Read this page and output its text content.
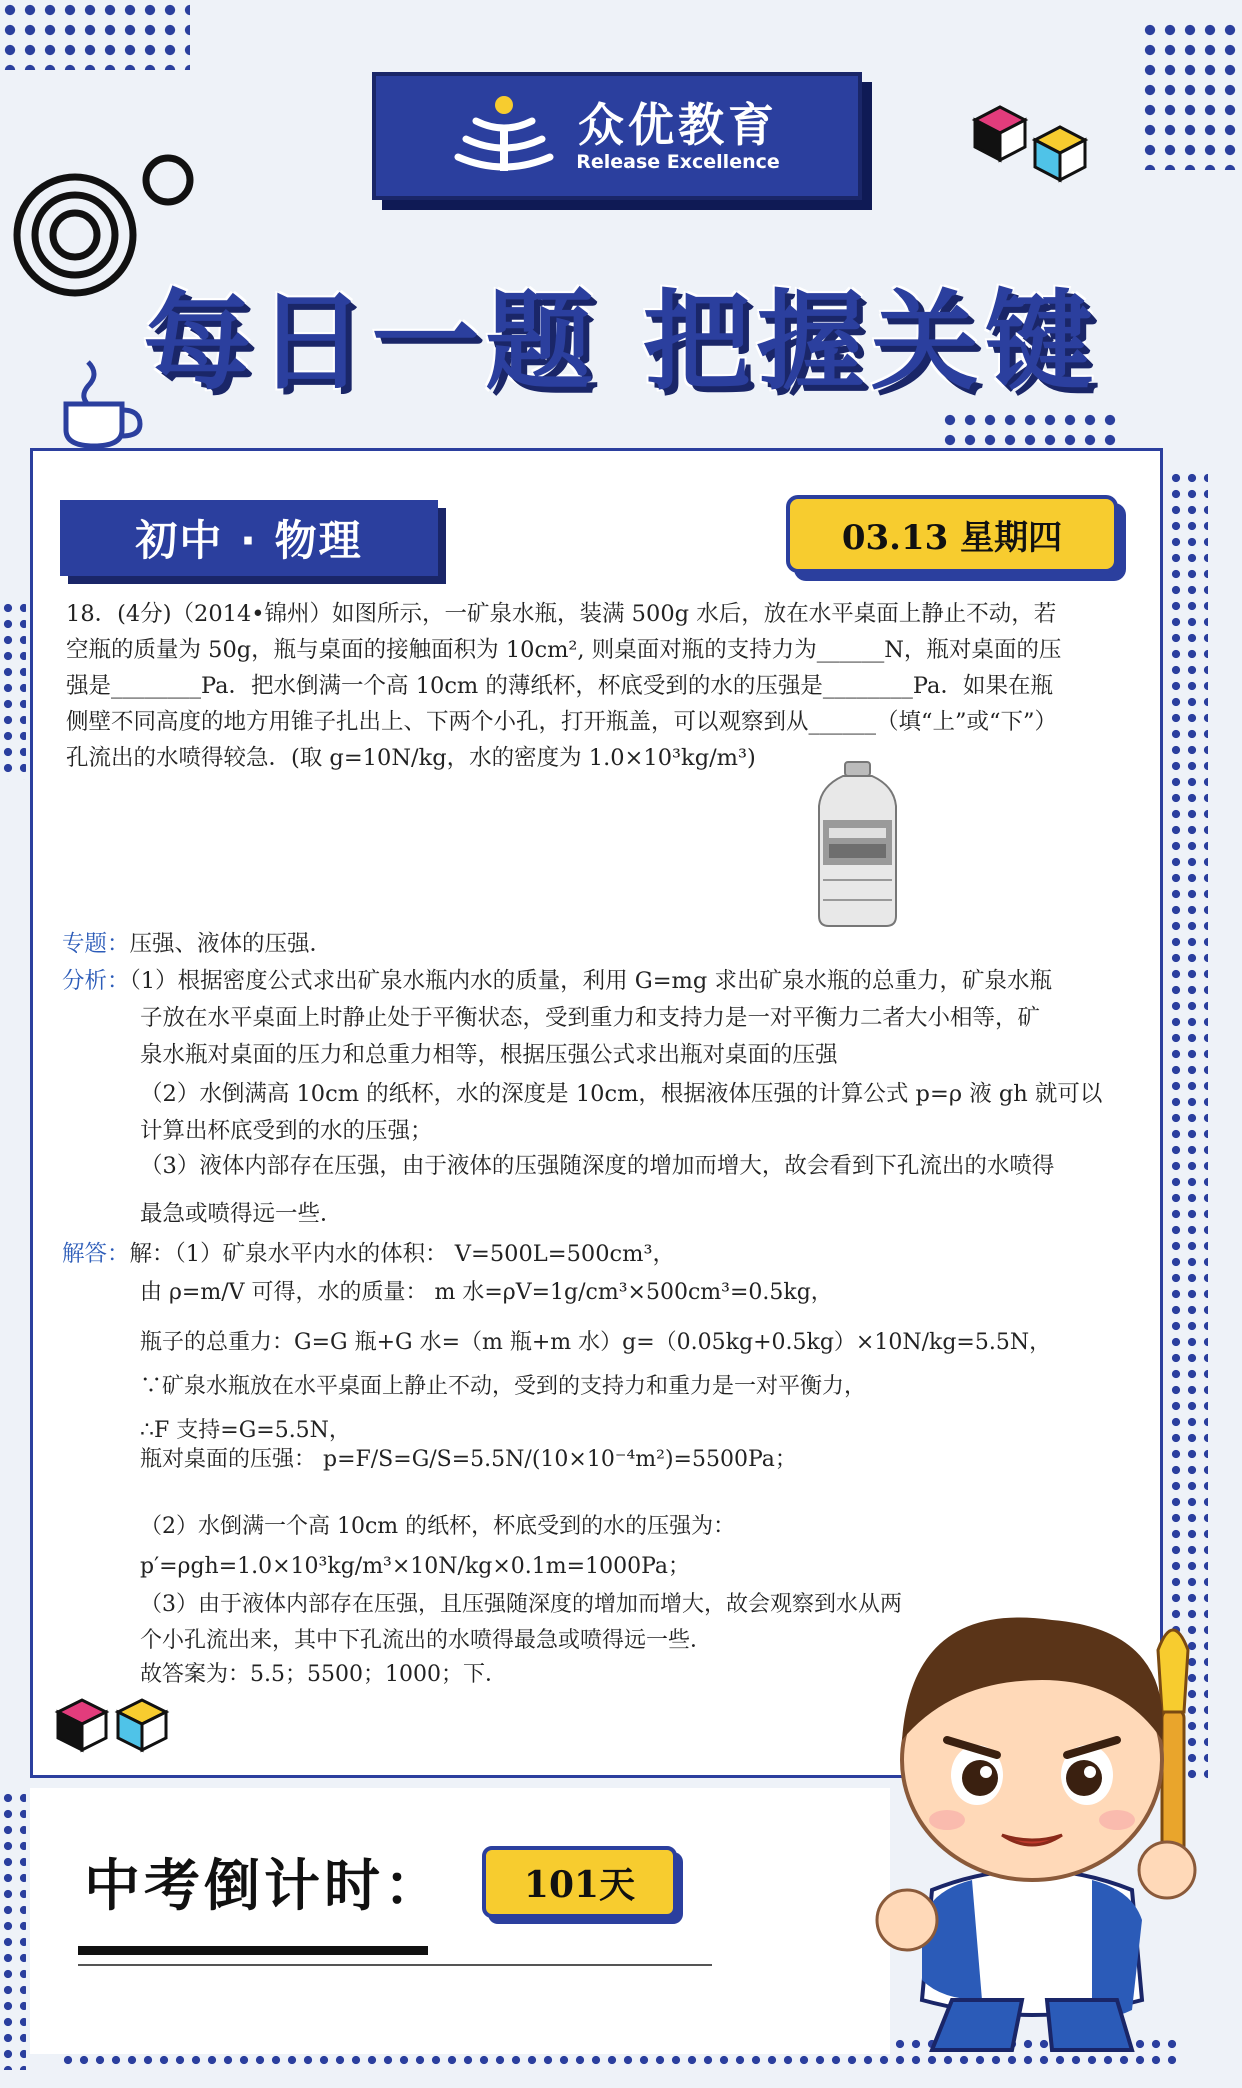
众优教育
Release Excellence
每日一题 把握关键
初中 · 物理	03.13 星期四
18．(4分)（2014•锦州）如图所示，一矿泉水瓶，装满 500g 水后，放在水平桌面上静止不动，若
空瓶的质量为 50g，瓶与桌面的接触面积为 10cm², 则桌面对瓶的支持力为______N，瓶对桌面的压
强是________Pa．把水倒满一个高 10cm 的薄纸杯，杯底受到的水的压强是________Pa．如果在瓶
侧壁不同高度的地方用锥子扎出上、下两个小孔，打开瓶盖，可以观察到从______（填“上”或“下”）
孔流出的水喷得较急．(取 g=10N/kg，水的密度为 1.0×10³kg/m³)
专题：压强、液体的压强．
分析：（1）根据密度公式求出矿泉水瓶内水的质量，利用 G=mg 求出矿泉水瓶的总重力，矿泉水瓶
子放在水平桌面上时静止处于平衡状态，受到重力和支持力是一对平衡力二者大小相等，矿
泉水瓶对桌面的压力和总重力相等，根据压强公式求出瓶对桌面的压强
（2）水倒满高 10cm 的纸杯，水的深度是 10cm，根据液体压强的计算公式 p=ρ 液 gh 就可以
计算出杯底受到的水的压强；
（3）液体内部存在压强，由于液体的压强随深度的增加而增大，故会看到下孔流出的水喷得
最急或喷得远一些．
解答：解：（1）矿泉水平内水的体积： V=500L=500cm³，
由 ρ=m/V 可得，水的质量： m 水=ρV=1g/cm³×500cm³=0.5kg，
瓶子的总重力：G=G 瓶+G 水=（m 瓶+m 水）g=（0.05kg+0.5kg）×10N/kg=5.5N，
∵矿泉水瓶放在水平桌面上静止不动，受到的支持力和重力是一对平衡力，
∴F 支持=G=5.5N，
瓶对桌面的压强： p=F/S=G/S=5.5N/(10×10⁻⁴m²)=5500Pa；
（2）水倒满一个高 10cm 的纸杯，杯底受到的水的压强为：
p′=ρgh=1.0×10³kg/m³×10N/kg×0.1m=1000Pa；
（3）由于液体内部存在压强，且压强随深度的增加而增大，故会观察到水从两
个小孔流出来，其中下孔流出的水喷得最急或喷得远一些．
故答案为：5.5；5500；1000；下．
中考倒计时：	101天
